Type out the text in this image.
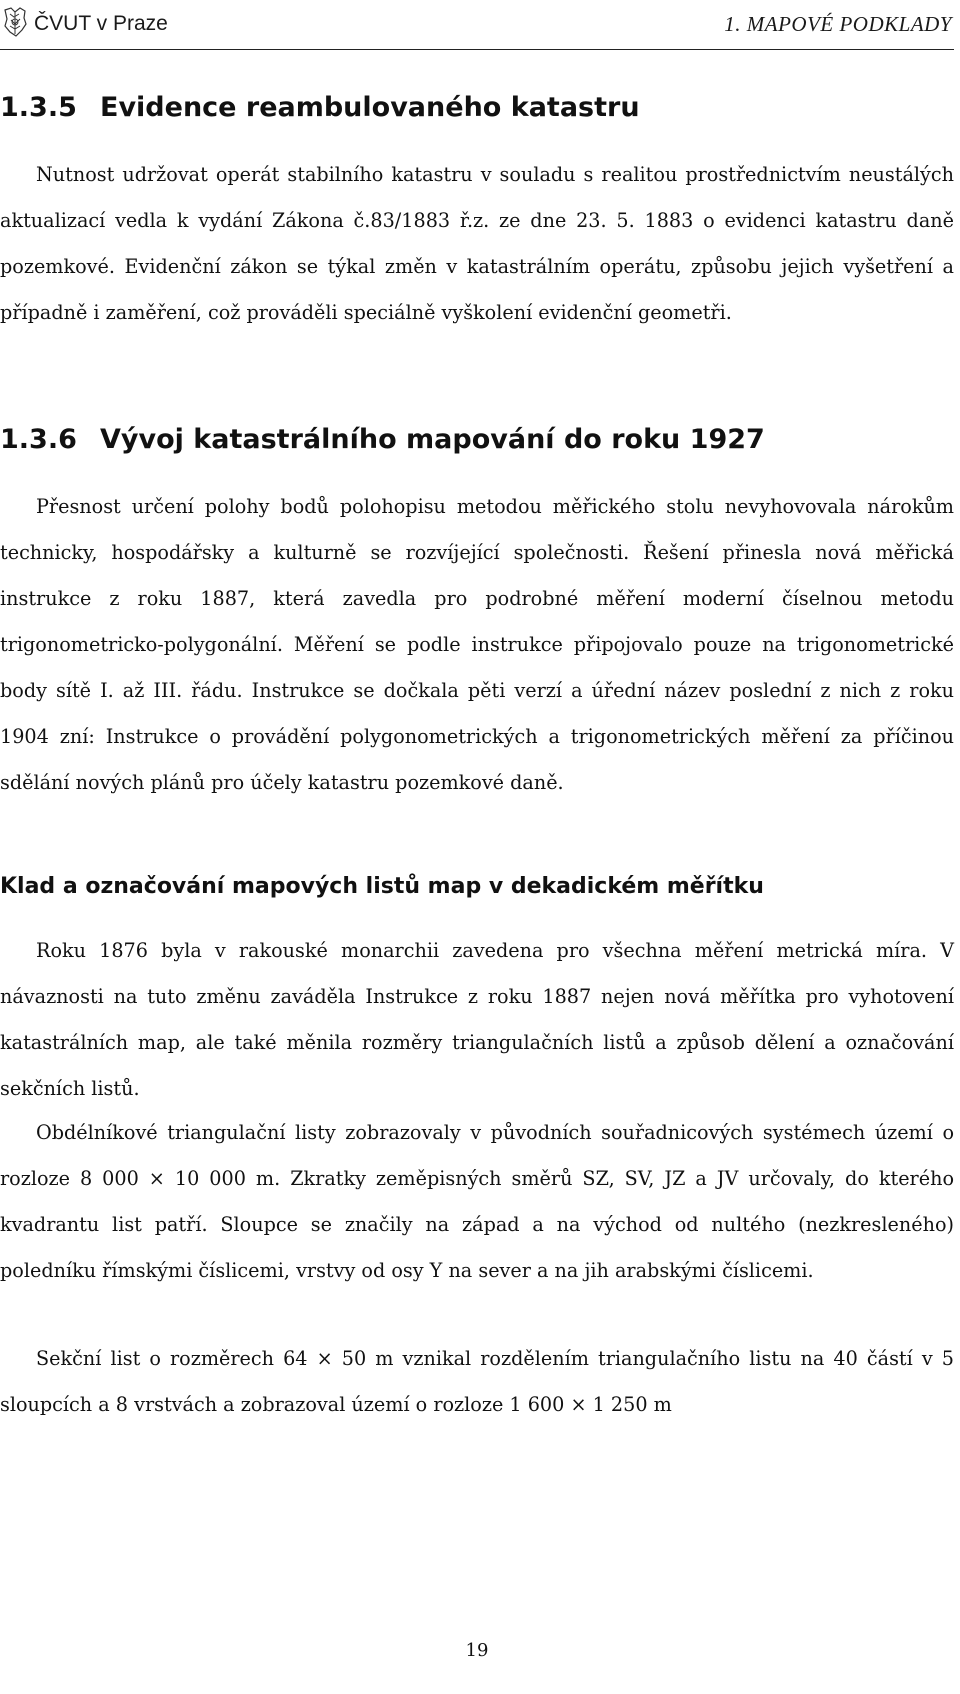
ČVUT v Praze	1. MAPOVÉ PODKLADY
1.3.5 Evidence reambulovaného katastru

Nutnost udržovat operát stabilního katastru v souladu s realitou prostřednictvím neustálých aktualizací vedla k vydání Zákona č.83/1883 ř.z. ze dne 23. 5. 1883 o evidenci katastru daně pozemkové. Evidenční zákon se týkal změn v katastrálním operátu, způsobu jejich vyšetření a případně i zaměření, což prováděli speciálně vyškolení evidenční geometři.

1.3.6 Vývoj katastrálního mapování do roku 1927

Přesnost určení polohy bodů polohopisu metodou měřického stolu nevyhovovala nárokům technicky, hospodářsky a kulturně se rozvíjející společnosti. Řešení přinesla nová měřická instrukce z roku 1887, která zavedla pro podrobné měření moderní číselnou metodu trigonometricko-polygonální. Měření se podle instrukce připojovalo pouze na trigonometrické body sítě I. až III. řádu. Instrukce se dočkala pěti verzí a úřední název poslední z nich z roku 1904 zní: Instrukce o provádění polygonometrických a trigonometrických měření za příčinou sdělání nových plánů pro účely katastru pozemkové daně.

Klad a označování mapových listů map v dekadickém měřítku

Roku 1876 byla v rakouské monarchii zavedena pro všechna měření metrická míra. V návaznosti na tuto změnu zaváděla Instrukce z roku 1887 nejen nová měřítka pro vyhotovení katastrálních map, ale také měnila rozměry triangulačních listů a způsob dělení a označování sekčních listů.

Obdélníkové triangulační listy zobrazovaly v původních souřadnicových systémech území o rozloze 8 000 × 10 000 m. Zkratky zeměpisných směrů SZ, SV, JZ a JV určovaly, do kterého kvadrantu list patří. Sloupce se značily na západ a na východ od nultého (nezkresleného) poledníku římskými číslicemi, vrstvy od osy Y na sever a na jih arabskými číslicemi.

Sekční list o rozměrech 64 × 50 m vznikal rozdělením triangulačního listu na 40 částí v 5 sloupcích a 8 vrstvách a zobrazoval území o rozloze 1 600 × 1 250 m

19
